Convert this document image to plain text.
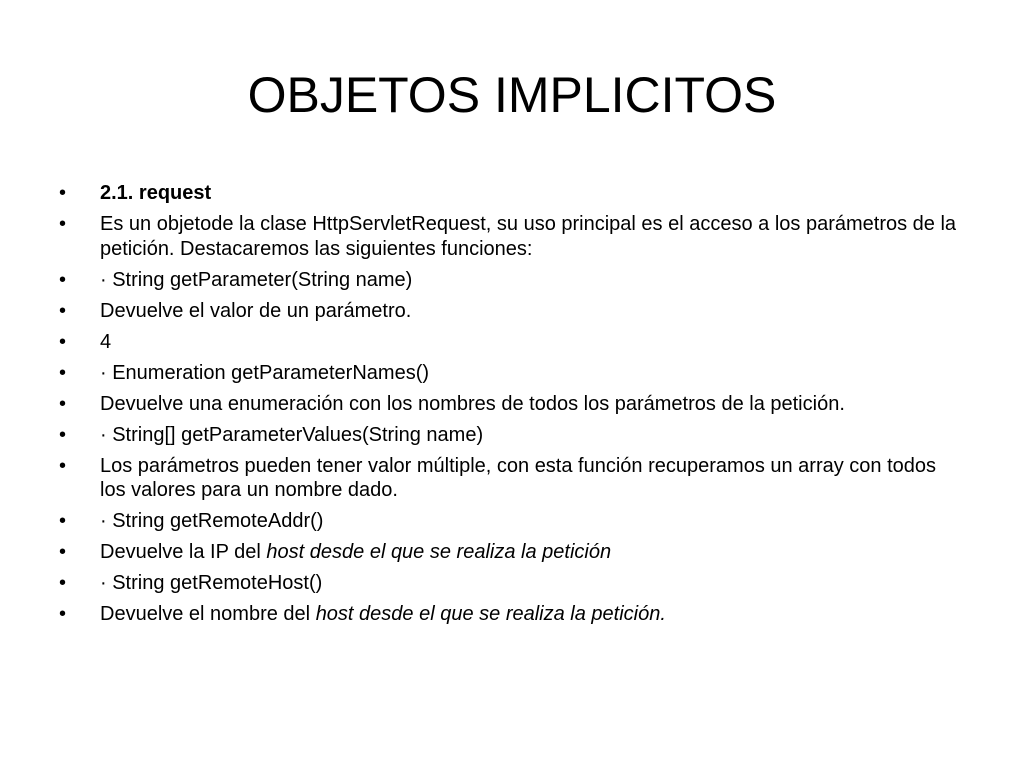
OBJETOS IMPLICITOS
•	2.1. request
•	Es un objetode la clase HttpServletRequest, su uso principal es el acceso a los parámetros de la petición. Destacaremos las siguientes funciones:
•	· String getParameter(String name)
•	Devuelve el valor de un parámetro.
•	4
•	· Enumeration getParameterNames()
•	Devuelve una enumeración con los nombres de todos los parámetros de la petición.
•	· String[] getParameterValues(String name)
•	Los parámetros pueden tener valor múltiple, con esta función recuperamos un array con todos los valores para un nombre dado.
•	· String getRemoteAddr()
•	Devuelve la IP del host desde el que se realiza la petición
•	· String getRemoteHost()
•	Devuelve el nombre del host desde el que se realiza la petición.
